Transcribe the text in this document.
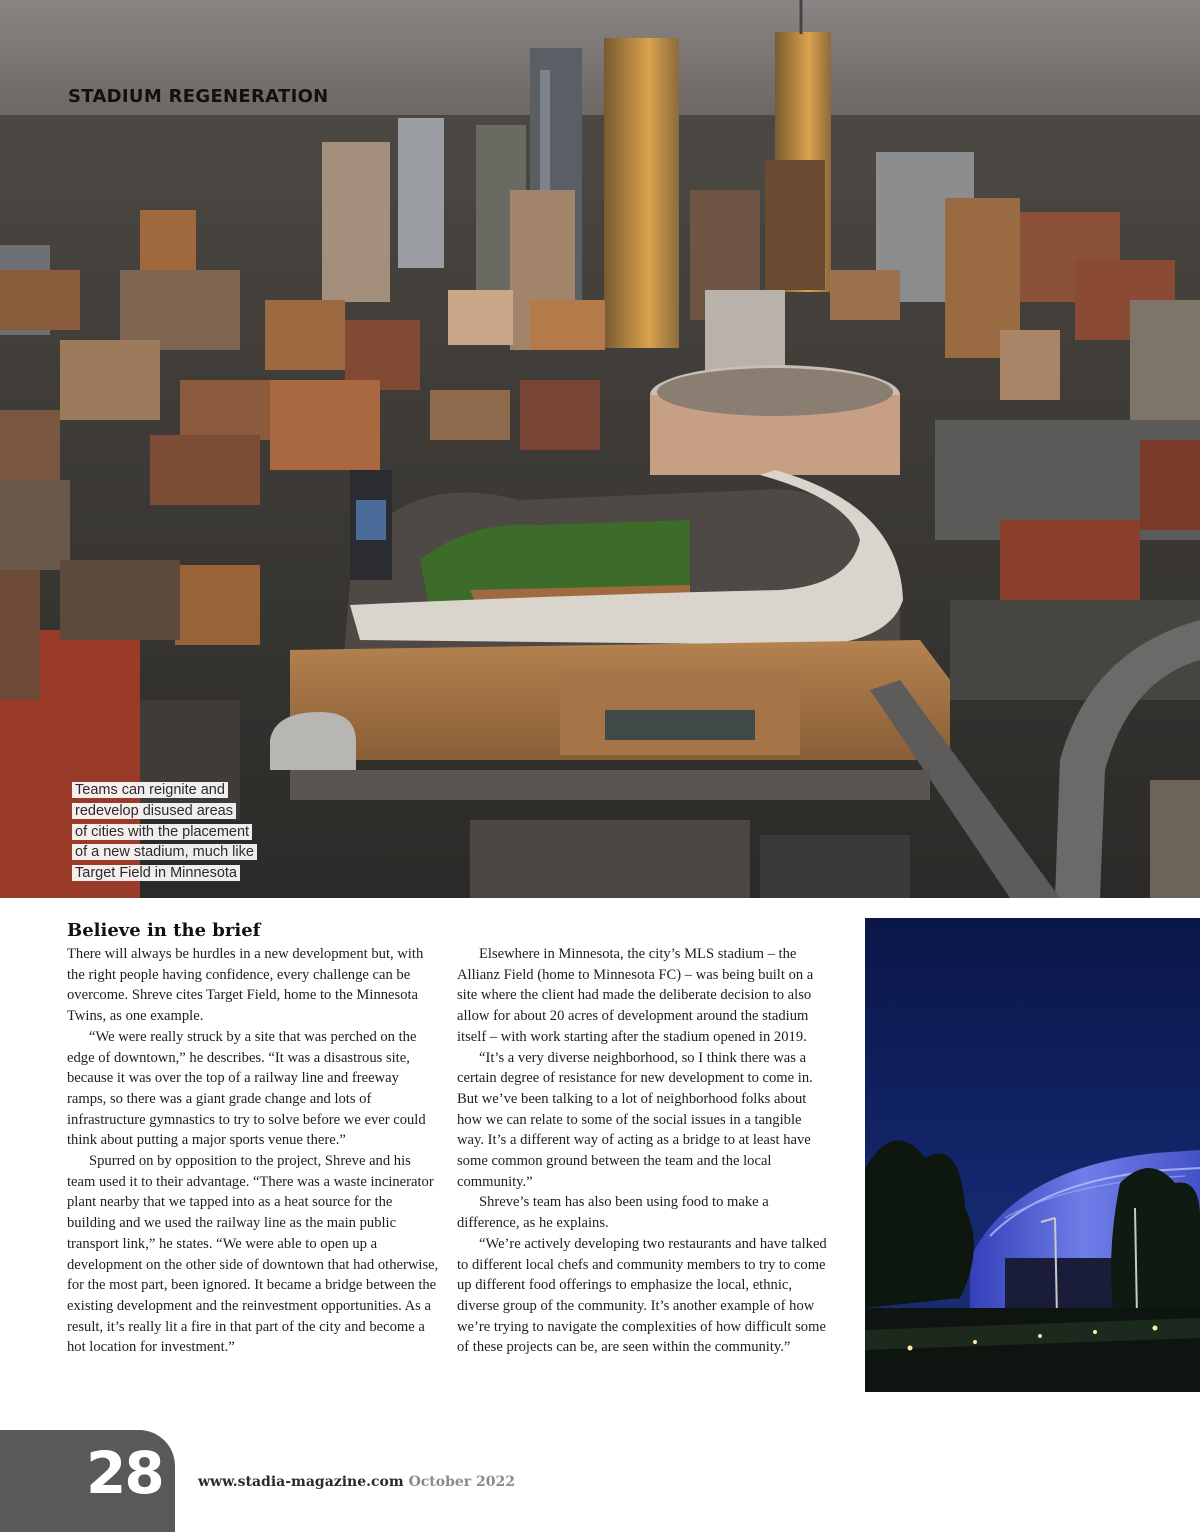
STADIUM REGENERATION
Teams can reignite and
redevelop disused areas
of cities with the placement
of a new stadium, much like
Target Field in Minnesota
Believe in the brief

There will always be hurdles in a new development but, with the right people having confidence, every challenge can be overcome. Shreve cites Target Field, home to the Minnesota Twins, as one example.

“We were really struck by a site that was perched on the edge of downtown,” he describes. “It was a disastrous site, because it was over the top of a railway line and freeway ramps, so there was a giant grade change and lots of infrastructure gymnastics to try to solve before we ever could think about putting a major sports venue there.”

Spurred on by opposition to the project, Shreve and his team used it to their advantage. “There was a waste incinerator plant nearby that we tapped into as a heat source for the building and we used the railway line as the main public transport link,” he states. “We were able to open up a development on the other side of downtown that had otherwise, for the most part, been ignored. It became a bridge between the existing development and the reinvestment opportunities. As a result, it’s really lit a fire in that part of the city and become a hot location for investment.”

Elsewhere in Minnesota, the city’s MLS stadium – the Allianz Field (home to Minnesota FC) – was being built on a site where the client had made the deliberate decision to also allow for about 20 acres of development around the stadium itself – with work starting after the stadium opened in 2019.

“It’s a very diverse neighborhood, so I think there was a certain degree of resistance for new development to come in. But we’ve been talking to a lot of neighborhood folks about how we can relate to some of the social issues in a tangible way. It’s a different way of acting as a bridge to at least have some common ground between the team and the local community.”

Shreve’s team has also been using food to make a difference, as he explains.

“We’re actively developing two restaurants and have talked to different local chefs and community members to try to come up different food offerings to emphasize the local, ethnic, diverse group of the community. It’s another example of how we’re trying to navigate the complexities of how difficult some of these projects can be, are seen within the community.”

28	www.stadia-magazine.com October 2022
